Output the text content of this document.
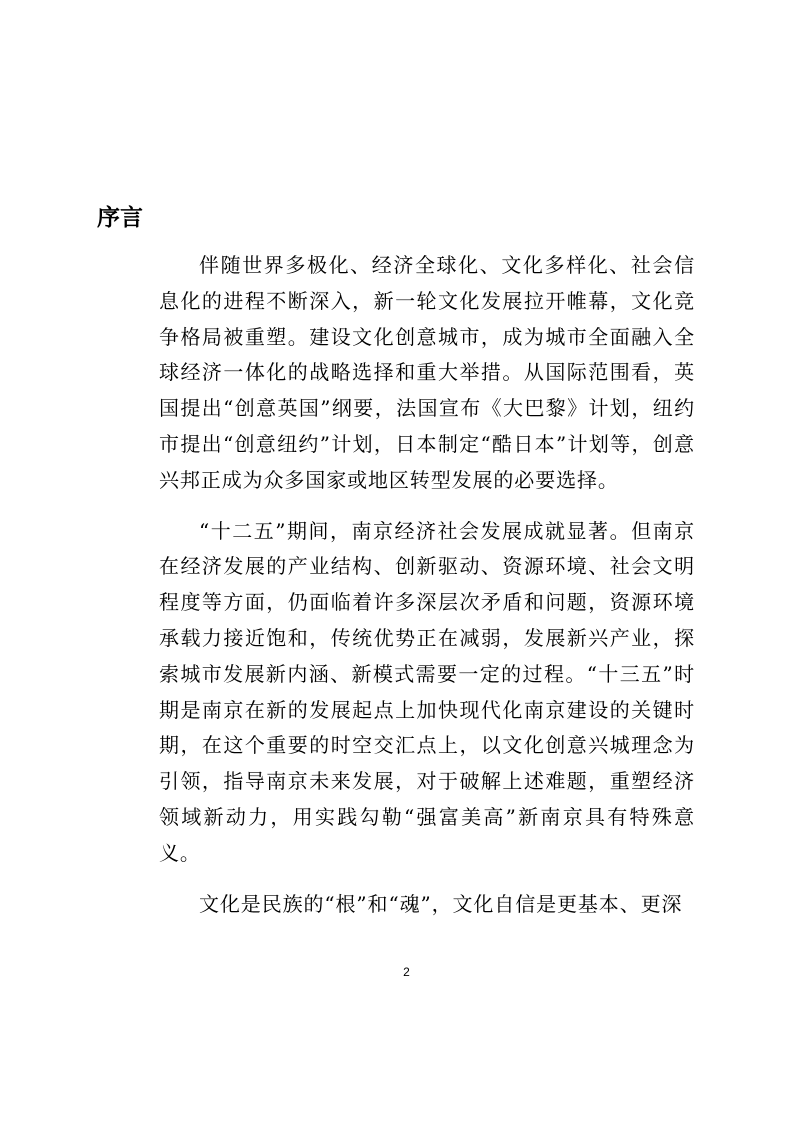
序言

伴随世界多极化、经济全球化、文化多样化、社会信息化的进程不断深入，新一轮文化发展拉开帷幕，文化竞争格局被重塑。建设文化创意城市，成为城市全面融入全球经济一体化的战略选择和重大举措。从国际范围看，英国提出“创意英国”纲要，法国宣布《大巴黎》计划，纽约市提出“创意纽约”计划，日本制定“酷日本”计划等，创意兴邦正成为众多国家或地区转型发展的必要选择。

“十二五”期间，南京经济社会发展成就显著。但南京在经济发展的产业结构、创新驱动、资源环境、社会文明程度等方面，仍面临着许多深层次矛盾和问题，资源环境承载力接近饱和，传统优势正在减弱，发展新兴产业，探索城市发展新内涵、新模式需要一定的过程。“十三五”时期是南京在新的发展起点上加快现代化南京建设的关键时期，在这个重要的时空交汇点上，以文化创意兴城理念为引领，指导南京未来发展，对于破解上述难题，重塑经济领域新动力，用实践勾勒“强富美高”新南京具有特殊意义。

文化是民族的“根”和“魂”，文化自信是更基本、更深

2
